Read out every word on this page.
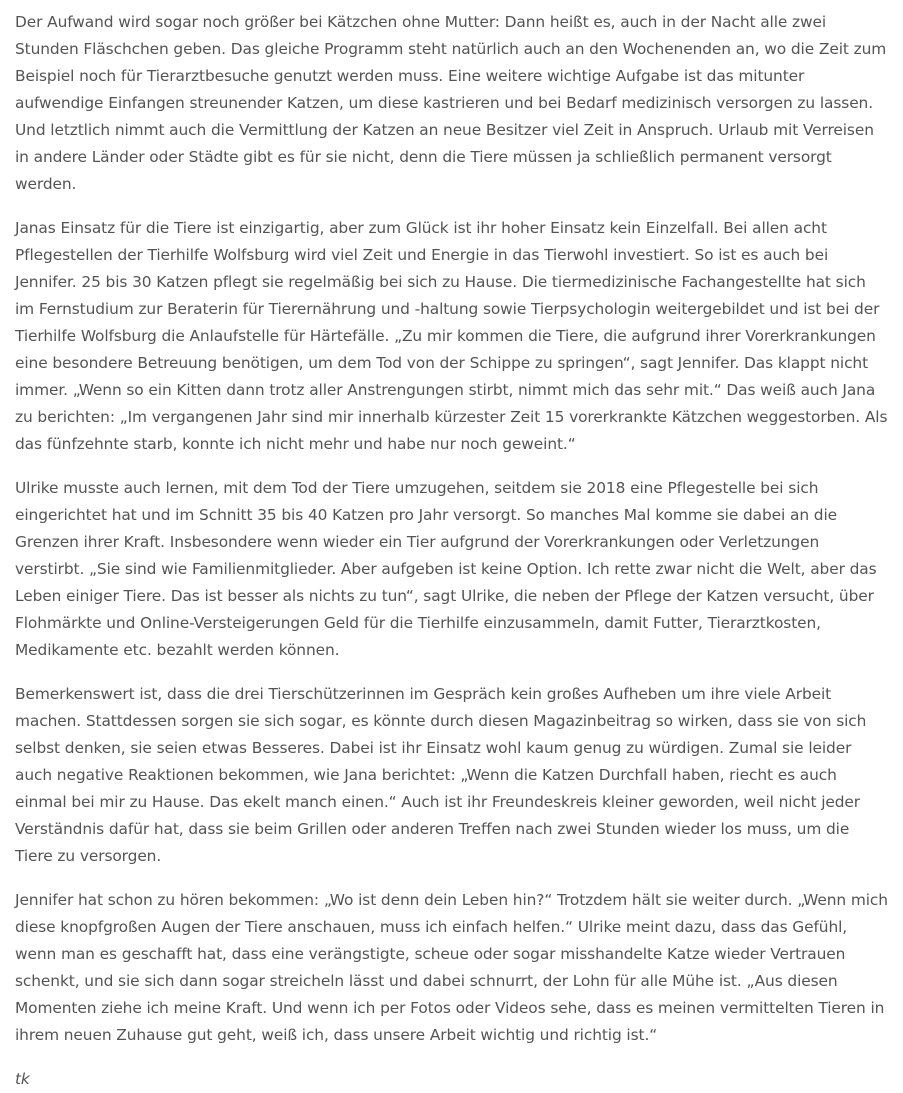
Der Aufwand wird sogar noch größer bei Kätzchen ohne Mutter: Dann heißt es, auch in der Nacht alle zwei Stunden Fläschchen geben. Das gleiche Programm steht natürlich auch an den Wochenenden an, wo die Zeit zum Beispiel noch für Tierarztbesuche genutzt werden muss. Eine weitere wichtige Aufgabe ist das mitunter aufwendige Einfangen streunender Katzen, um diese kastrieren und bei Bedarf medizinisch versorgen zu lassen. Und letztlich nimmt auch die Vermittlung der Katzen an neue Besitzer viel Zeit in Anspruch. Urlaub mit Verreisen in andere Länder oder Städte gibt es für sie nicht, denn die Tiere müssen ja schließlich permanent versorgt werden.

Janas Einsatz für die Tiere ist einzigartig, aber zum Glück ist ihr hoher Einsatz kein Einzelfall. Bei allen acht Pflegestellen der Tierhilfe Wolfsburg wird viel Zeit und Energie in das Tierwohl investiert. So ist es auch bei Jennifer. 25 bis 30 Katzen pflegt sie regelmäßig bei sich zu Hause. Die tiermedizinische Fachangestellte hat sich im Fernstudium zur Beraterin für Tierernährung und -haltung sowie Tierpsychologin weitergebildet und ist bei der Tierhilfe Wolfsburg die Anlaufstelle für Härtefälle. „Zu mir kommen die Tiere, die aufgrund ihrer Vorerkrankungen eine besondere Betreuung benötigen, um dem Tod von der Schippe zu springen“, sagt Jennifer. Das klappt nicht immer. „Wenn so ein Kitten dann trotz aller Anstrengungen stirbt, nimmt mich das sehr mit.“ Das weiß auch Jana zu berichten: „Im vergangenen Jahr sind mir innerhalb kürzester Zeit 15 vorerkrankte Kätzchen weggestorben. Als das fünfzehnte starb, konnte ich nicht mehr und habe nur noch geweint.“

Ulrike musste auch lernen, mit dem Tod der Tiere umzugehen, seitdem sie 2018 eine Pflegestelle bei sich eingerichtet hat und im Schnitt 35 bis 40 Katzen pro Jahr versorgt. So manches Mal komme sie dabei an die Grenzen ihrer Kraft. Insbesondere wenn wieder ein Tier aufgrund der Vorerkrankungen oder Verletzungen verstirbt. „Sie sind wie Familienmitglieder. Aber aufgeben ist keine Option. Ich rette zwar nicht die Welt, aber das Leben einiger Tiere. Das ist besser als nichts zu tun“, sagt Ulrike, die neben der Pflege der Katzen versucht, über Flohmärkte und Online-Versteigerungen Geld für die Tierhilfe einzusammeln, damit Futter, Tierarztkosten, Medikamente etc. bezahlt werden können.

Bemerkenswert ist, dass die drei Tierschützerinnen im Gespräch kein großes Aufheben um ihre viele Arbeit machen. Stattdessen sorgen sie sich sogar, es könnte durch diesen Magazinbeitrag so wirken, dass sie von sich selbst denken, sie seien etwas Besseres. Dabei ist ihr Einsatz wohl kaum genug zu würdigen. Zumal sie leider auch negative Reaktionen bekommen, wie Jana berichtet: „Wenn die Katzen Durchfall haben, riecht es auch einmal bei mir zu Hause. Das ekelt manch einen.“ Auch ist ihr Freundeskreis kleiner geworden, weil nicht jeder Verständnis dafür hat, dass sie beim Grillen oder anderen Treffen nach zwei Stunden wieder los muss, um die Tiere zu versorgen.

Jennifer hat schon zu hören bekommen: „Wo ist denn dein Leben hin?“ Trotzdem hält sie weiter durch. „Wenn mich diese knopfgroßen Augen der Tiere anschauen, muss ich einfach helfen.“ Ulrike meint dazu, dass das Gefühl, wenn man es geschafft hat, dass eine verängstigte, scheue oder sogar misshandelte Katze wieder Vertrauen schenkt, und sie sich dann sogar streicheln lässt und dabei schnurrt, der Lohn für alle Mühe ist. „Aus diesen Momenten ziehe ich meine Kraft. Und wenn ich per Fotos oder Videos sehe, dass es meinen vermittelten Tieren in ihrem neuen Zuhause gut geht, weiß ich, dass unsere Arbeit wichtig und richtig ist.“

tk
